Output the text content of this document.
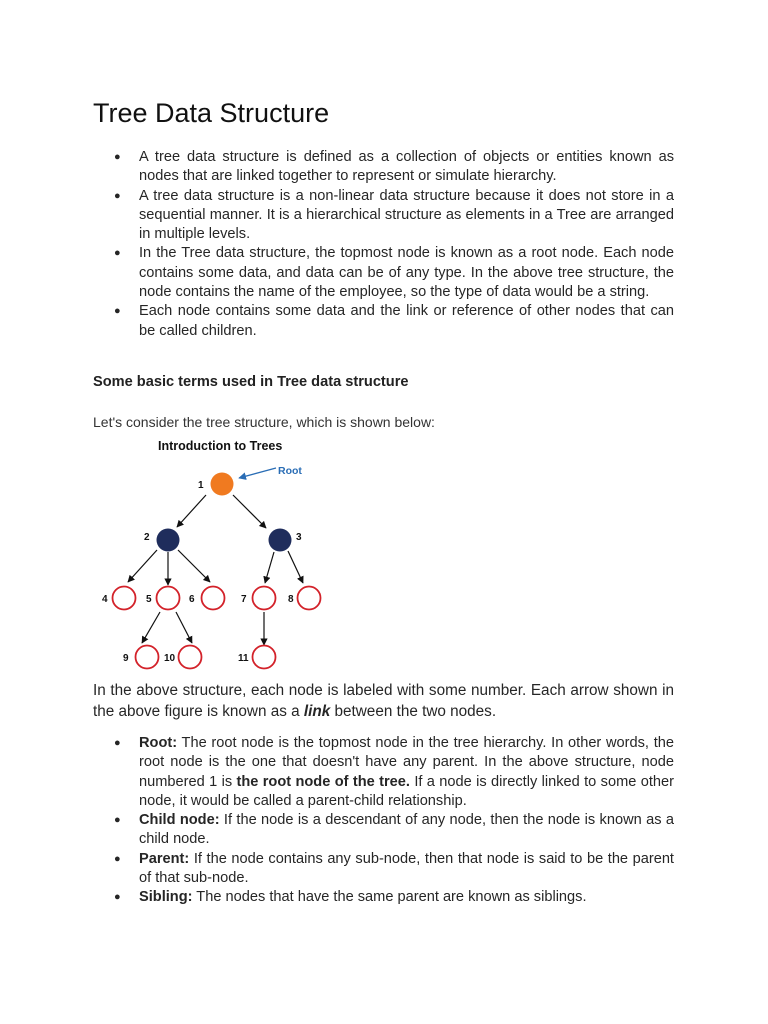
Tree Data Structure
● A tree data structure is defined as a collection of objects or entities known as nodes that are linked together to represent or simulate hierarchy.
● A tree data structure is a non-linear data structure because it does not store in a sequential manner. It is a hierarchical structure as elements in a Tree are arranged in multiple levels.
● In the Tree data structure, the topmost node is known as a root node. Each node contains some data, and data can be of any type. In the above tree structure, the node contains the name of the employee, so the type of data would be a string.
● Each node contains some data and the link or reference of other nodes that can be called children.
Some basic terms used in Tree data structure

Let's consider the tree structure, which is shown below:

Introduction to Trees
Root
1
2	3
4	5	6	7	8
9	10	11

In the above structure, each node is labeled with some number. Each arrow shown in the above figure is known as a link between the two nodes.

● Root: The root node is the topmost node in the tree hierarchy. In other words, the root node is the one that doesn't have any parent. In the above structure, node numbered 1 is the root node of the tree. If a node is directly linked to some other node, it would be called a parent-child relationship.
● Child node: If the node is a descendant of any node, then the node is known as a child node.
● Parent: If the node contains any sub-node, then that node is said to be the parent of that sub-node.
● Sibling: The nodes that have the same parent are known as siblings.
